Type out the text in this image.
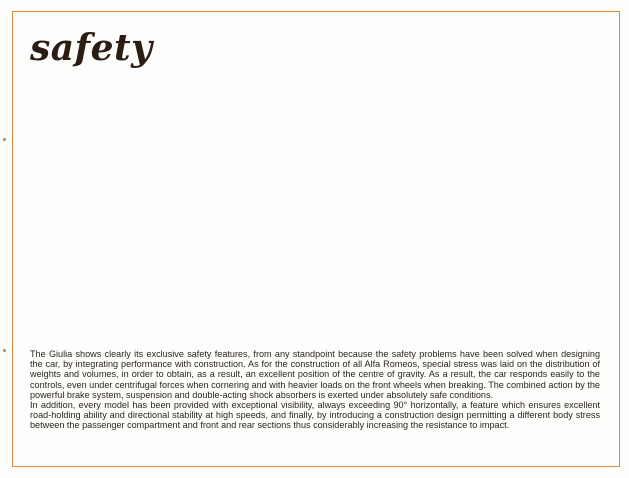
safety

The Giulia shows clearly its exclusive safety features, from any standpoint because the safety problems have been solved when designing the car, by integrating performance with construction. As for the construction of all Alfa Romeos, special stress was laid on the distribution of weights and volumes, in order to obtain, as a result, an excellent position of the centre of gravity. As a result, the car responds easily to the controls, even under centrifugal forces when cornering and with heavier loads on the front wheels when breaking. The combined action by the powerful brake system, suspension and double-acting shock absorbers is exerted under absolutely safe conditions.

In addition, every model has been provided with exceptional visibility, always exceeding 90° horizontally, a feature which ensures excellent road-holding ability and directional stability at high speeds, and finally, by introducing a construction design permitting a different body stress between the passenger compartment and front and rear sections thus considerably increasing the resistance to impact.
